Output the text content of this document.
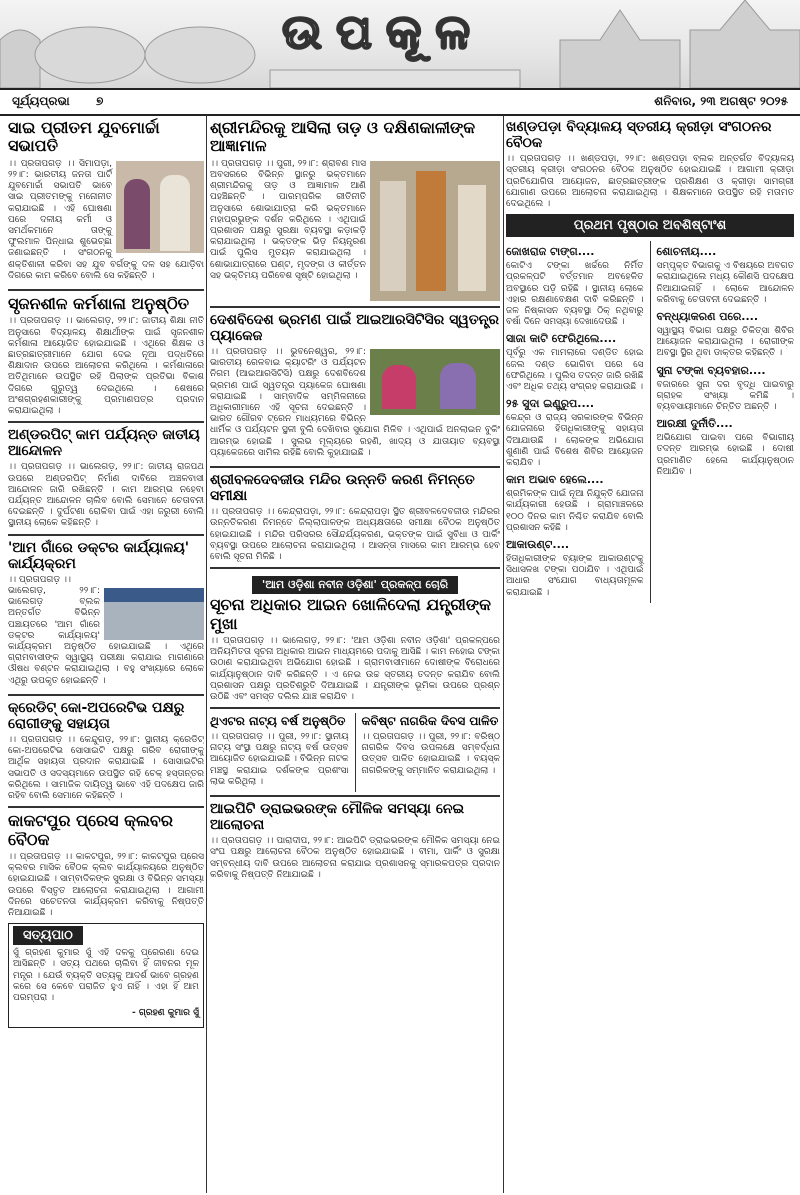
ଉପକୂଳ
ସୂର୍ଯ୍ୟପ୍ରଭା ୭	ଶନିବାର, ୨୩ ଅଗଷ୍ଟ ୨୦୨୫
ସାଇ ପ୍ରୀତମ ଯୁବମୋର୍ଚ୍ଚା ସଭାପତି
।। ପ୍ରତାପଗଡ଼ ।। ସିମାପଡ଼ା, ୨୨।୮: ଭାରତୀୟ ଜନତା ପାର୍ଟି ଯୁବମୋର୍ଚ୍ଚା ସଭାପତି ଭାବେ ସାଇ ପ୍ରୀତମଙ୍କୁ ମନୋନୀତ କରାଯାଇଛି । ଏହି ଘୋଷଣା ପରେ ଦଳୀୟ କର୍ମୀ ଓ ସମର୍ଥକମାନେ ତାଙ୍କୁ ଫୁଲମାଳ ପିନ୍ଧାଇ ଶୁଭେଚ୍ଛା ଜଣାଇଛନ୍ତି । ସଂଗଠନକୁ ଶକ୍ତିଶାଳୀ କରିବା ସହ ଯୁବ ବର୍ଗଙ୍କୁ ଦଳ ସହ ଯୋଡ଼ିବା ଦିଗରେ କାମ କରିବେ ବୋଲି ସେ କହିଛନ୍ତି ।
ସୃଜନଶୀଳ କର୍ମଶାଳା ଅନୁଷ୍ଠିତ
।। ପ୍ରତାପଗଡ଼ ।। ଭାଲେଗଡ଼, ୨୨।୮: ଜାତୀୟ ଶିକ୍ଷା ନୀତି ଅନୁସାରେ ବିଦ୍ୟାଳୟ ଶିକ୍ଷାର୍ଥୀଙ୍କ ପାଇଁ ସୃଜନଶୀଳ କର୍ମଶାଳା ଆୟୋଜିତ ହୋଇଯାଇଛି । ଏଥିରେ ଶିକ୍ଷକ ଓ ଛାତ୍ରଛାତ୍ରୀମାନେ ଯୋଗ ଦେଇ ନୂଆ ପଦ୍ଧତିରେ ଶିକ୍ଷାଦାନ ଉପରେ ଆଲୋଚନା କରିଥିଲେ । କର୍ମଶାଳାରେ ଅତିଥିମାନେ ଉପସ୍ଥିତ ରହି ପିଲାଙ୍କ ପ୍ରତିଭା ବିକାଶ ଦିଗରେ ଗୁରୁତ୍ୱ ଦେଇଥିଲେ । ଶେଷରେ ଅଂଶଗ୍ରହଣକାରୀଙ୍କୁ ପ୍ରମାଣପତ୍ର ପ୍ରଦାନ କରାଯାଇଥିଲା ।
ଅଣ୍ଡରପିଟ୍ କାମ ପର୍ଯ୍ୟନ୍ତ ଜାତୀୟ ଆନ୍ଦୋଳନ
।। ପ୍ରତାପଗଡ଼ ।। ଭାଲେଗଡ଼, ୨୨।୮: ଜାତୀୟ ରାଜପଥ ଉପରେ ଅଣ୍ଡରପିଟ୍ ନିର୍ମାଣ ଦାବିରେ ଅଞ୍ଚଳବାସୀ ଆନ୍ଦୋଳନ ଜାରି ରଖିଛନ୍ତି । କାମ ଆରମ୍ଭ ନହେବା ପର୍ଯ୍ୟନ୍ତ ଆନ୍ଦୋଳନ ଚାଲିବ ବୋଲି ସେମାନେ ଚେତାବନୀ ଦେଇଛନ୍ତି । ଦୁର୍ଘଟଣା ରୋକିବା ପାଇଁ ଏହା ଜରୁରୀ ବୋଲି ସ୍ଥାନୀୟ ଲୋକେ କହିଛନ୍ତି ।
'ଆମ ଗାଁରେ ଡକ୍ଟର କାର୍ଯ୍ୟାଳୟ' କାର୍ଯ୍ୟକ୍ରମ
।। ପ୍ରତାପଗଡ଼ ।।
ଭାଲେଗଡ଼, ୨୨।୮: ଭାଲେଗଡ଼ ବ୍ଲକ ଅନ୍ତର୍ଗତ ବିଭିନ୍ନ ପଞ୍ଚାୟତରେ 'ଆମ ଗାଁରେ ଡକ୍ଟର କାର୍ଯ୍ୟାଳୟ' କାର୍ଯ୍ୟକ୍ରମ ଅନୁଷ୍ଠିତ ହୋଇଯାଇଛି । ଏଥିରେ ଗ୍ରାମବାସୀଙ୍କ ସ୍ୱାସ୍ଥ୍ୟ ପରୀକ୍ଷା କରାଯାଇ ମାଗଣାରେ ଔଷଧ ବଣ୍ଟନ କରାଯାଇଥିଲା । ବହୁ ସଂଖ୍ୟାରେ ଲୋକେ ଏଥିରୁ ଉପକୃତ ହୋଇଛନ୍ତି ।
କ୍ରେଡିଟ୍ କୋ-ଅପରେଟିଭ ପକ୍ଷରୁ ରୋଗୀଙ୍କୁ ସହାୟତା
।। ପ୍ରତାପଗଡ଼ ।। କେନ୍ଦୁଗଡ଼, ୨୨।୮: ସ୍ଥାନୀୟ କ୍ରେଡିଟ୍ କୋ-ଅପରେଟିଭ ସୋସାଇଟି ପକ୍ଷରୁ ଗରିବ ରୋଗୀଙ୍କୁ ଆର୍ଥିକ ସହାୟତା ପ୍ରଦାନ କରାଯାଇଛି । ସୋସାଇଟିର ସଭାପତି ଓ ସଦସ୍ୟମାନେ ଉପସ୍ଥିତ ରହି ଚେକ୍ ହସ୍ତାନ୍ତର କରିଥିଲେ । ସାମାଜିକ ଦାୟିତ୍ୱ ଭାବେ ଏହି ପଦକ୍ଷେପ ଜାରି ରହିବ ବୋଲି ସେମାନେ କହିଛନ୍ତି ।
କାକଟପୁର ପ୍ରେସ କ୍ଲବର ବୈଠକ
।। ପ୍ରତାପଗଡ଼ ।। କାକଟପୁର, ୨୨।୮: କାକଟପୁର ପ୍ରେସ କ୍ଲବର ମାସିକ ବୈଠକ କ୍ଲବ କାର୍ଯ୍ୟାଳୟରେ ଅନୁଷ୍ଠିତ ହୋଇଯାଇଛି । ସାମ୍ବାଦିକଙ୍କ ସୁରକ୍ଷା ଓ ବିଭିନ୍ନ ସମସ୍ୟା ଉପରେ ବିସ୍ତୃତ ଆଲୋଚନା କରାଯାଇଥିଲା । ଆଗାମୀ ଦିନରେ ସଚେତନତା କାର୍ଯ୍ୟକ୍ରମ କରିବାକୁ ନିଷ୍ପତ୍ତି ନିଆଯାଇଛି ।
ସତ୍ୟପାଠ
ସୁଁ ଗ୍ରହଣ କୁମାର ସୁଁ ଏହି ଦଳକୁ ପ୍ରେରଣା ଦେଇ ଆସିଛନ୍ତି । ସତ୍ୟ ପଥରେ ଚାଲିବା ହିଁ ଜୀବନର ମୂଳ ମନ୍ତ୍ର । ଯେଉଁ ବ୍ୟକ୍ତି ସତ୍ୟକୁ ଆଦର୍ଶ ଭାବେ ଗ୍ରହଣ କରେ ସେ କେବେ ପରାଜିତ ହୁଏ ନାହିଁ । ଏହା ହିଁ ଆମ ପରମ୍ପରା ।
- ଗ୍ରହଣ କୁମାର ସୁଁ
ଶ୍ରୀମନ୍ଦିରକୁ ଆସିଲା ତାଡ଼ ଓ ଦକ୍ଷିଣକାଳୀଙ୍କ ଆଜ୍ଞାମାଳ
।। ପ୍ରତାପଗଡ଼ ।। ପୁରୀ, ୨୨।୮: ଶ୍ରାବଣ ମାସ ଅବସରରେ ବିଭିନ୍ନ ସ୍ଥାନରୁ ଭକ୍ତମାନେ ଶ୍ରୀମନ୍ଦିରକୁ ତାଡ଼ ଓ ଆଜ୍ଞାମାଳ ଆଣି ପହଞ୍ଚିଛନ୍ତି । ପାରମ୍ପରିକ ରୀତିନୀତି ଅନୁସାରେ ଶୋଭାଯାତ୍ରା କରି ଭକ୍ତମାନେ ମହାପ୍ରଭୁଙ୍କ ଦର୍ଶନ କରିଥିଲେ । ଏଥିପାଇଁ ପ୍ରଶାସନ ପକ୍ଷରୁ ସୁରକ୍ଷା ବ୍ୟବସ୍ଥା କଡ଼ାକଡ଼ି କରାଯାଇଥିଲା । ଭକ୍ତଙ୍କ ଭିଡ଼ ନିୟନ୍ତ୍ରଣ ପାଇଁ ପୁଲିସ ମୁତୟନ କରାଯାଇଥିଲା । ଶୋଭାଯାତ୍ରାରେ ଘଣ୍ଟ, ମୃଦଙ୍ଗ ଓ କୀର୍ତ୍ତନ ସହ ଭକ୍ତିମୟ ପରିବେଶ ସୃଷ୍ଟି ହୋଇଥିଲା ।
ଦେଶବିଦେଶ ଭ୍ରମଣ ପାଇଁ ଆଇଆରସିଟିସିର ସ୍ୱତନ୍ତ୍ର ପ୍ୟାକେଜ
।। ପ୍ରତାପଗଡ଼ ।। ଭୁବନେଶ୍ୱର, ୨୨।୮: ଭାରତୀୟ ରେଳବାଇ କ୍ୟାଟରିଂ ଓ ପର୍ଯ୍ୟଟନ ନିଗମ (ଆଇଆରସିଟିସି) ପକ୍ଷରୁ ଦେଶବିଦେଶ ଭ୍ରମଣ ପାଇଁ ସ୍ୱତନ୍ତ୍ର ପ୍ୟାକେଜ ଘୋଷଣା କରାଯାଇଛି । ସାମ୍ବାଦିକ ସମ୍ମିଳନୀରେ ଅଧିକାରୀମାନେ ଏହି ସୂଚନା ଦେଇଛନ୍ତି । ଭାରତ ଗୌରବ ଟ୍ରେନ ମାଧ୍ୟମରେ ବିଭିନ୍ନ ଧାର୍ମିକ ଓ ପର୍ଯ୍ୟଟନ ସ୍ଥଳୀ ବୁଲି ଦେଖିବାର ସୁଯୋଗ ମିଳିବ । ଏଥିପାଇଁ ଅନଲାଇନ ବୁକିଂ ଆରମ୍ଭ ହୋଇଛି । ସୁଲଭ ମୂଲ୍ୟରେ ରହଣି, ଖାଦ୍ୟ ଓ ଯାତାୟାତ ବ୍ୟବସ୍ଥା ପ୍ୟାକେଜରେ ସାମିଲ ରହିଛି ବୋଲି କୁହାଯାଇଛି ।
ଶ୍ରୀବଳଦେବଜୀଉ ମନ୍ଦିର ଉନ୍ନତି କରଣ ନିମନ୍ତେ ସମୀକ୍ଷା
।। ପ୍ରତାପଗଡ଼ ।। କେନ୍ଦ୍ରାପଡ଼ା, ୨୨।୮: କେନ୍ଦ୍ରାପଡ଼ା ସ୍ଥିତ ଶ୍ରୀବଳଦେବଜୀଉ ମନ୍ଦିରର ଉନ୍ନତିକରଣ ନିମନ୍ତେ ଜିଲ୍ଲାପାଳଙ୍କ ଅଧ୍ୟକ୍ଷତାରେ ସମୀକ୍ଷା ବୈଠକ ଅନୁଷ୍ଠିତ ହୋଇଯାଇଛି । ମନ୍ଦିର ପରିସରର ସୌନ୍ଦର୍ଯ୍ୟକରଣ, ଭକ୍ତଙ୍କ ପାଇଁ ସୁବିଧା ଓ ପାର୍କିଂ ବ୍ୟବସ୍ଥା ଉପରେ ଆଲୋଚନା କରାଯାଇଥିଲା । ଆସନ୍ତା ମାସରେ କାମ ଆରମ୍ଭ ହେବ ବୋଲି ସୂଚନା ମିଳିଛି ।
'ଆମ ଓଡ଼ିଶା ନବୀନ ଓଡ଼ିଶା' ପ୍ରକଳ୍ପ ଚୋରି
ସୂଚନା ଅଧିକାର ଆଇନ ଖୋଳିଦେଲା ଯନ୍ତ୍ରୀଙ୍କ ମୁଖା
।। ପ୍ରତାପଗଡ଼ ।। ଭାଲେଗଡ଼, ୨୨।୮: 'ଆମ ଓଡ଼ିଶା ନବୀନ ଓଡ଼ିଶା' ପ୍ରକଳ୍ପରେ ଅନିୟମିତତା ସୂଚନା ଅଧିକାର ଆଇନ ମାଧ୍ୟମରେ ପଦାକୁ ଆସିଛି । କାମ ନହୋଇ ଟଙ୍କା ଉଠାଣ କରାଯାଇଥିବା ଅଭିଯୋଗ ହୋଇଛି । ଗ୍ରାମବାସୀମାନେ ଦୋଷୀଙ୍କ ବିରୋଧରେ କାର୍ଯ୍ୟାନୁଷ୍ଠାନ ଦାବି କରିଛନ୍ତି । ଏ ନେଇ ଉଚ୍ଚ ସ୍ତରୀୟ ତଦନ୍ତ କରାଯିବ ବୋଲି ପ୍ରଶାସନ ପକ୍ଷରୁ ପ୍ରତିଶ୍ରୁତି ଦିଆଯାଇଛି । ଯନ୍ତ୍ରୀଙ୍କ ଭୂମିକା ଉପରେ ପ୍ରଶ୍ନ ଉଠିଛି ଏବଂ ସମସ୍ତ ଦଲିଲ ଯାଞ୍ଚ କରାଯିବ ।
ଥିଏଟର ନାଟ୍ୟ ବର୍ଷ ଅନୁଷ୍ଠିତ
।। ପ୍ରତାପଗଡ଼ ।। ପୁରୀ, ୨୨।୮: ସ୍ଥାନୀୟ ନାଟ୍ୟ ସଂସ୍ଥା ପକ୍ଷରୁ ନାଟ୍ୟ ବର୍ଷ ଉତ୍ସବ ଆୟୋଜିତ ହୋଇଯାଇଛି । ବିଭିନ୍ନ ନାଟକ ମଞ୍ଚସ୍ଥ କରାଯାଇ ଦର୍ଶକଙ୍କ ପ୍ରଶଂସା ଲାଭ କରିଥିଲା ।
କବିଷ୍ଟ ନାଗରିକ ଦିବସ ପାଳିତ
।। ପ୍ରତାପଗଡ଼ ।। ପୁରୀ, ୨୨।୮: ବରିଷ୍ଠ ନାଗରିକ ଦିବସ ଉପଲକ୍ଷେ ସମ୍ବର୍ଦ୍ଧନା ଉତ୍ସବ ପାଳିତ ହୋଇଯାଇଛି । ବୟସ୍କ ନାଗରିକଙ୍କୁ ସମ୍ମାନିତ କରାଯାଇଥିଲା ।
ଆଇପିଟି ଡ୍ରାଇଭରଙ୍କ ମୌଳିକ ସମସ୍ୟା ନେଇ ଆଲୋଚନା
।। ପ୍ରତାପଗଡ଼ ।। ପାରାଦୀପ, ୨୨।୮: ଆଇପିଟି ଡ୍ରାଇଭରଙ୍କ ମୌଳିକ ସମସ୍ୟା ନେଇ ସଂଘ ପକ୍ଷରୁ ଆଲୋଚନା ବୈଠକ ଅନୁଷ୍ଠିତ ହୋଇଯାଇଛି । ବୀମା, ପାର୍କିଂ ଓ ସୁରକ୍ଷା ସମ୍ବନ୍ଧୀୟ ଦାବି ଉପରେ ଆଲୋଚନା କରାଯାଇ ପ୍ରଶାସନକୁ ସ୍ମାରକପତ୍ର ପ୍ରଦାନ କରିବାକୁ ନିଷ୍ପତ୍ତି ନିଆଯାଇଛି ।
ଖଣ୍ଡପଡ଼ା ବିଦ୍ୟାଳୟ ସ୍ତରୀୟ କ୍ରୀଡ଼ା ସଂଗଠନର ବୈଠକ
।। ପ୍ରତାପଗଡ଼ ।। ଖଣ୍ଡପଡ଼ା, ୨୨।୮: ଖଣ୍ଡପଡ଼ା ବ୍ଲକ ଅନ୍ତର୍ଗତ ବିଦ୍ୟାଳୟ ସ୍ତରୀୟ କ୍ରୀଡ଼ା ସଂଗଠନର ବୈଠକ ଅନୁଷ୍ଠିତ ହୋଇଯାଇଛି । ଆଗାମୀ କ୍ରୀଡ଼ା ପ୍ରତିଯୋଗିତା ଆୟୋଜନ, ଛାତ୍ରଛାତ୍ରୀଙ୍କ ପ୍ରଶିକ୍ଷଣ ଓ କ୍ରୀଡ଼ା ସାମଗ୍ରୀ ଯୋଗାଣ ଉପରେ ଆଲୋଚନା କରାଯାଇଥିଲା । ଶିକ୍ଷକମାନେ ଉପସ୍ଥିତ ରହି ମତାମତ ଦେଇଥିଲେ ।
ପ୍ରଥମ ପୃଷ୍ଠାର ଅବଶିଷ୍ଟାଂଶ
ଜୋଖରାଜ ଟାଙ୍ଗ....
କୋଟିଏ ଟଙ୍କା ଖର୍ଚ୍ଚରେ ନିର୍ମିତ ପ୍ରକଳ୍ପଟି ବର୍ତ୍ତମାନ ଅବହେଳିତ ଅବସ୍ଥାରେ ପଡ଼ି ରହିଛି । ସ୍ଥାନୀୟ ଲୋକେ ଏହାର ରକ୍ଷଣାବେକ୍ଷଣ ଦାବି କରିଛନ୍ତି । ଜଳ ନିଷ୍କାସନ ବ୍ୟବସ୍ଥା ଠିକ୍ ନଥିବାରୁ ବର୍ଷା ଦିନେ ସମସ୍ୟା ଦେଖାଦେଉଛି ।
ସାଜା କାଟି ଫେରିଥିଲେ....
ପୂର୍ବରୁ ଏକ ମାମଲାରେ ଦଣ୍ଡିତ ହୋଇ ଜେଲ ଦଣ୍ଡ ଭୋଗିବା ପରେ ସେ ଫେରିଥିଲେ । ପୁଲିସ ତଦନ୍ତ ଜାରି ରଖିଛି ଏବଂ ଅଧିକ ତଥ୍ୟ ସଂଗ୍ରହ କରାଯାଉଛି ।
୨୫ ସୁଦା ଇଣ୍ଡ୍ରୁପ....
କେନ୍ଦ୍ର ଓ ରାଜ୍ୟ ସରକାରଙ୍କ ବିଭିନ୍ନ ଯୋଜନାରେ ହିତାଧିକାରୀଙ୍କୁ ସହାୟତା ଦିଆଯାଉଛି । ଲୋକଙ୍କ ଅଭିଯୋଗ ଶୁଣାଣି ପାଇଁ ବିଶେଷ ଶିବିର ଆୟୋଜନ କରାଯିବ ।
କାମ ଅଭାବ ହେଲେ....
ଶ୍ରମିକଙ୍କ ପାଇଁ ନୂଆ ନିଯୁକ୍ତି ଯୋଜନା କାର୍ଯ୍ୟକାରୀ ହେଉଛି । ଗ୍ରାମାଞ୍ଚଳରେ ୧୦୦ ଦିନର କାମ ନିଶ୍ଚିତ କରାଯିବ ବୋଲି ପ୍ରଶାସନ କହିଛି ।
ଆକାଉଣ୍ଟ....
ହିତାଧିକାରୀଙ୍କ ବ୍ୟାଙ୍କ ଆକାଉଣ୍ଟକୁ ସିଧାସଳଖ ଟଙ୍କା ପଠାଯିବ । ଏଥିପାଇଁ ଆଧାର ସଂଯୋଗ ବାଧ୍ୟତାମୂଳକ କରାଯାଇଛି ।
ଶୋଚନୀୟ....
ସମ୍ପୃକ୍ତ ବିଭାଗକୁ ଏ ବିଷୟରେ ଅବଗତ କରାଯାଇଥିଲେ ମଧ୍ୟ କୌଣସି ପଦକ୍ଷେପ ନିଆଯାଇନାହିଁ । ଲୋକେ ଆନ୍ଦୋଳନ କରିବାକୁ ଚେତାବନୀ ଦେଇଛନ୍ତି ।
ବନ୍ଧ୍ୟାକରଣ ପରେ....
ସ୍ୱାସ୍ଥ୍ୟ ବିଭାଗ ପକ୍ଷରୁ ଚିକିତ୍ସା ଶିବିର ଆୟୋଜନ କରାଯାଇଥିଲା । ରୋଗୀଙ୍କ ଅବସ୍ଥା ସ୍ଥିର ଥିବା ଡାକ୍ତର କହିଛନ୍ତି ।
ସୁନା ଟଙ୍କା ବ୍ୟବହାର....
ବଜାରରେ ସୁନା ଦର ବୃଦ୍ଧି ପାଇବାରୁ ଗ୍ରାହକ ସଂଖ୍ୟା କମିଛି । ବ୍ୟବସାୟୀମାନେ ଚିନ୍ତିତ ଅଛନ୍ତି ।
ଆରକ୍ଷୀ ଦୁର୍ନୀତି....
ଅଭିଯୋଗ ପାଇବା ପରେ ବିଭାଗୀୟ ତଦନ୍ତ ଆରମ୍ଭ ହୋଇଛି । ଦୋଷୀ ପ୍ରମାଣିତ ହେଲେ କାର୍ଯ୍ୟାନୁଷ୍ଠାନ ନିଆଯିବ ।
